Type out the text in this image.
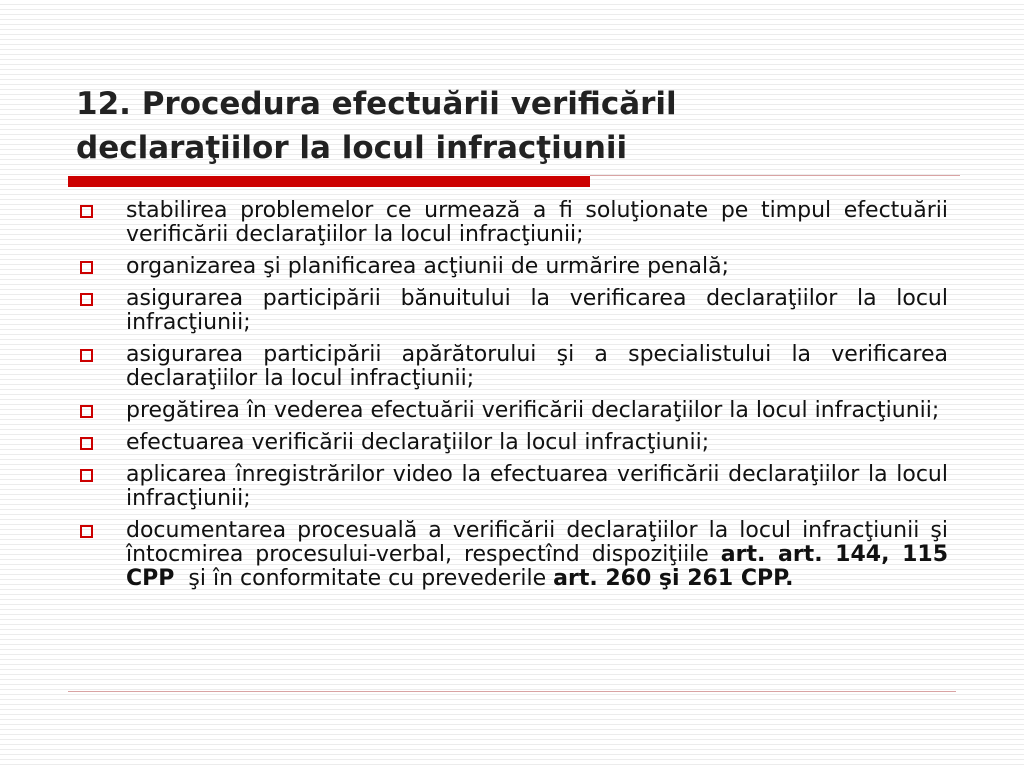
12. Procedura efectuării verificăril
declaraţiilor la locul infracţiunii
stabilirea problemelor ce urmează a fi soluţionate pe timpul efectuării verificării declaraţiilor la locul infracţiunii;
organizarea şi planificarea acţiunii de urmărire penală;
asigurarea participării bănuitului la verificarea declaraţiilor la locul infracţiunii;
asigurarea participării apărătorului şi a specialistului la verificarea declaraţiilor la locul infracţiunii;
pregătirea în vederea efectuării verificării declaraţiilor la locul infracţiunii;
efectuarea verificării declaraţiilor la locul infracţiunii;
aplicarea înregistrărilor video la efectuarea verificării declaraţiilor la locul infracţiunii;
documentarea procesuală a verificării declaraţiilor la locul infracţiunii şi întocmirea procesului-verbal, respectînd dispoziţiile art. art. 144, 115 CPP  şi în conformitate cu prevederile art. 260 şi 261 CPP.
